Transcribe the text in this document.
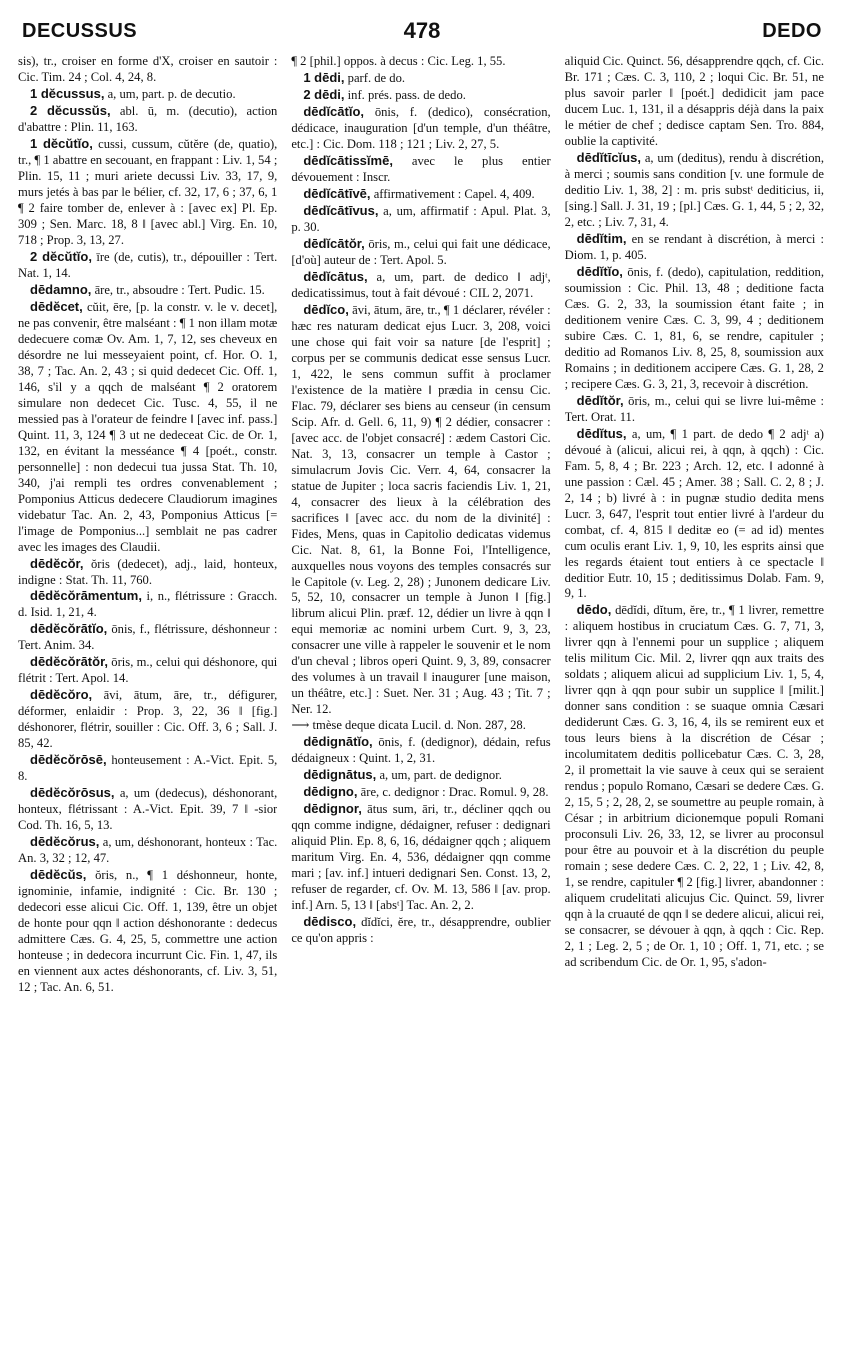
DECUSSUS	478	DEDO

sis), tr., croiser en forme d'X, croiser en sautoir : Cic. Tim. 24 ; Col. 4, 24, 8.

1 dĕcussus, a, um, part. p. de decutio.

2 dĕcussŭs, abl. ū, m. (decutio), action d'abattre : Plin. 11, 163.

1 dĕcŭtĭo, cussi, cussum, cŭtĕre (de, quatio), tr., ¶ 1 abattre en secouant, en frappant : Liv. 1, 54 ; Plin. 15, 11 ; muri ariete decussi Liv. 33, 17, 9, murs jetés à bas par le bélier, cf. 32, 17, 6 ; 37, 6, 1 ¶ 2 faire tomber de, enlever à : [avec ex] Pl. Ep. 309 ; Sen. Marc. 18, 8 ‖ [avec abl.] Virg. En. 10, 718 ; Prop. 3, 13, 27.

2 dĕcŭtĭo, īre (de, cutis), tr., dépouiller : Tert. Nat. 1, 14.

dēdamno, āre, tr., absoudre : Tert. Pudic. 15.

dēdĕcet, cŭit, ēre, [p. la constr. v. le v. decet], ne pas convenir, être malséant : ¶ 1 non illam motæ dedecuere comæ Ov. Am. 1, 7, 12, ses cheveux en désordre ne lui messeyaient point, cf. Hor. O. 1, 38, 7 ; Tac. An. 2, 43 ; si quid dedecet Cic. Off. 1, 146, s'il y a qqch de malséant ¶ 2 oratorem simulare non dedecet Cic. Tusc. 4, 55, il ne messied pas à l'orateur de feindre ‖ [avec inf. pass.] Quint. 11, 3, 124 ¶ 3 ut ne dedeceat Cic. de Or. 1, 132, en évitant la messéance ¶ 4 [poét., constr. personnelle] : non dedecui tua jussa Stat. Th. 10, 340, j'ai rempli tes ordres convenablement ; Pomponius Atticus dedecere Claudiorum imagines videbatur Tac. An. 2, 43, Pomponius Atticus [= l'image de Pomponius...] semblait ne pas cadrer avec les images des Claudii.

dēdĕcŏr, ŏris (dedecet), adj., laid, honteux, indigne : Stat. Th. 11, 760.

dēdĕcŏrāmentum, i, n., flétrissure : Gracch. d. Isid. 1, 21, 4.

dēdĕcŏrātĭo, ōnis, f., flétrissure, déshonneur : Tert. Anim. 34.

dēdĕcŏrātŏr, ōris, m., celui qui déshonore, qui flétrit : Tert. Apol. 14.

dēdĕcŏro, āvi, ātum, āre, tr., défigurer, déformer, enlaidir : Prop. 3, 22, 36 ‖ [fig.] déshonorer, flétrir, souiller : Cic. Off. 3, 6 ; Sall. J. 85, 42.

dēdĕcŏrōsē, honteusement : A.-Vict. Epit. 5, 8.

dēdĕcŏrōsus, a, um (dedecus), déshonorant, honteux, flétrissant : A.-Vict. Epit. 39, 7 ‖ -sior Cod. Th. 16, 5, 13.

dēdĕcŏrus, a, um, déshonorant, honteux : Tac. An. 3, 32 ; 12, 47.

dēdĕcŭs, ŏris, n., ¶ 1 déshonneur, honte, ignominie, infamie, indignité : Cic. Br. 130 ; dedecori esse alicui Cic. Off. 1, 139, être un objet de honte pour qqn ‖ action déshonorante : dedecus admittere Cæs. G. 4, 25, 5, commettre une action honteuse ; in dedecora incurrunt Cic. Fin. 1, 47, ils en viennent aux actes déshonorants, cf. Liv. 3, 51, 12 ; Tac. An. 6, 51.

¶ 2 [phil.] oppos. à decus : Cic. Leg. 1, 55.

1 dēdi, parf. de do.

2 dēdi, inf. prés. pass. de dedo.

dēdĭcātĭo, ōnis, f. (dedico), consécration, dédicace, inauguration [d'un temple, d'un théâtre, etc.] : Cic. Dom. 118 ; 121 ; Liv. 2, 27, 5.

dēdĭcātissĭmē, avec le plus entier dévouement : Inscr.

dēdĭcātīvē, affirmativement : Capel. 4, 409.

dēdĭcātīvus, a, um, affirmatif : Apul. Plat. 3, p. 30.

dēdĭcātŏr, ōris, m., celui qui fait une dédicace, [d'où] auteur de : Tert. Apol. 5.

dēdĭcātus, a, um, part. de dedico ‖ adjᵗ, dedicatissimus, tout à fait dévoué : CIL 2, 2071.

dēdĭco, āvi, ātum, āre, tr., ¶ 1 déclarer, révéler : hæc res naturam dedicat ejus Lucr. 3, 208, voici une chose qui fait voir sa nature [de l'esprit] ; corpus per se communis dedicat esse sensus Lucr. 1, 422, le sens commun suffit à proclamer l'existence de la matière ‖ prædia in censu Cic. Flac. 79, déclarer ses biens au censeur (in censum Scip. Afr. d. Gell. 6, 11, 9) ¶ 2 dédier, consacrer : [avec acc. de l'objet consacré] : ædem Castori Cic. Nat. 3, 13, consacrer un temple à Castor ; simulacrum Jovis Cic. Verr. 4, 64, consacrer la statue de Jupiter ; loca sacris faciendis Liv. 1, 21, 4, consacrer des lieux à la célébration des sacrifices ‖ [avec acc. du nom de la divinité] : Fides, Mens, quas in Capitolio dedicatas videmus Cic. Nat. 8, 61, la Bonne Foi, l'Intelligence, auxquelles nous voyons des temples consacrés sur le Capitole (v. Leg. 2, 28) ; Junonem dedicare Liv. 5, 52, 10, consacrer un temple à Junon ‖ [fig.] librum alicui Plin. præf. 12, dédier un livre à qqn ‖ equi memoriæ ac nomini urbem Curt. 9, 3, 23, consacrer une ville à rappeler le souvenir et le nom d'un cheval ; libros operi Quint. 9, 3, 89, consacrer des volumes à un travail ‖ inaugurer [une maison, un théâtre, etc.] : Suet. Ner. 31 ; Aug. 43 ; Tit. 7 ; Ner. 12.

⟶ tmèse deque dicata Lucil. d. Non. 287, 28.

dēdignātĭo, ōnis, f. (dedignor), dédain, refus dédaigneux : Quint. 1, 2, 31.

dēdignātus, a, um, part. de dedignor.

dēdigno, āre, c. dedignor : Drac. Romul. 9, 28.

dēdignor, ātus sum, āri, tr., décliner qqch ou qqn comme indigne, dédaigner, refuser : dedignari aliquid Plin. Ep. 8, 6, 16, dédaigner qqch ; aliquem maritum Virg. En. 4, 536, dédaigner qqn comme mari ; [av. inf.] intueri dedignari Sen. Const. 13, 2, refuser de regarder, cf. Ov. M. 13, 586 ‖ [av. prop. inf.] Arn. 5, 13 ‖ [absᵗ] Tac. An. 2, 2.

dēdisco, dĭdĭci, ĕre, tr., désapprendre, oublier ce qu'on appris :

aliquid Cic. Quinct. 56, désapprendre qqch, cf. Cic. Br. 171 ; Cæs. C. 3, 110, 2 ; loqui Cic. Br. 51, ne plus savoir parler ‖ [poét.] dedidicit jam pace ducem Luc. 1, 131, il a désappris déjà dans la paix le métier de chef ; dedisce captam Sen. Tro. 884, oublie la captivité.

dēdĭtīcĭus, a, um (deditus), rendu à discrétion, à merci ; soumis sans condition [v. une formule de deditio Liv. 1, 38, 2] : m. pris substᵗ dediticius, ii, [sing.] Sall. J. 31, 19 ; [pl.] Cæs. G. 1, 44, 5 ; 2, 32, 2, etc. ; Liv. 7, 31, 4.

dēdĭtim, en se rendant à discrétion, à merci : Diom. 1, p. 405.

dēdĭtĭo, ōnis, f. (dedo), capitulation, reddition, soumission : Cic. Phil. 13, 48 ; deditione facta Cæs. G. 2, 33, la soumission étant faite ; in deditionem venire Cæs. C. 3, 99, 4 ; deditionem subire Cæs. C. 1, 81, 6, se rendre, capituler ; deditio ad Romanos Liv. 8, 25, 8, soumission aux Romains ; in deditionem accipere Cæs. G. 1, 28, 2 ; recipere Cæs. G. 3, 21, 3, recevoir à discrétion.

dēdĭtŏr, ōris, m., celui qui se livre lui-même : Tert. Orat. 11.

dēdĭtus, a, um, ¶ 1 part. de dedo ¶ 2 adjᵗ a) dévoué à (alicui, alicui rei, à qqn, à qqch) : Cic. Fam. 5, 8, 4 ; Br. 223 ; Arch. 12, etc. ‖ adonné à une passion : Cæl. 45 ; Amer. 38 ; Sall. C. 2, 8 ; J. 2, 14 ; b) livré à : in pugnæ studio dedita mens Lucr. 3, 647, l'esprit tout entier livré à l'ardeur du combat, cf. 4, 815 ‖ deditæ eo (= ad id) mentes cum oculis erant Liv. 1, 9, 10, les esprits ainsi que les regards étaient tout entiers à ce spectacle ‖ deditior Eutr. 10, 15 ; deditissimus Dolab. Fam. 9, 9, 1.

dēdo, dēdĭdi, dĭtum, ĕre, tr., ¶ 1 livrer, remettre : aliquem hostibus in cruciatum Cæs. G. 7, 71, 3, livrer qqn à l'ennemi pour un supplice ; aliquem telis militum Cic. Mil. 2, livrer qqn aux traits des soldats ; aliquem alicui ad supplicium Liv. 1, 5, 4, livrer qqn à qqn pour subir un supplice ‖ [milit.] donner sans condition : se suaque omnia Cæsari dediderunt Cæs. G. 3, 16, 4, ils se remirent eux et tous leurs biens à la discrétion de César ; incolumitatem deditis pollicebatur Cæs. C. 3, 28, 2, il promettait la vie sauve à ceux qui se seraient rendus ; populo Romano, Cæsari se dedere Cæs. G. 2, 15, 5 ; 2, 28, 2, se soumettre au peuple romain, à César ; in arbitrium dicionemque populi Romani proconsuli Liv. 26, 33, 12, se livrer au proconsul pour être au pouvoir et à la discrétion du peuple romain ; sese dedere Cæs. C. 2, 22, 1 ; Liv. 42, 8, 1, se rendre, capituler ¶ 2 [fig.] livrer, abandonner : aliquem crudelitati alicujus Cic. Quinct. 59, livrer qqn à la cruauté de qqn ‖ se dedere alicui, alicui rei, se consacrer, se dévouer à qqn, à qqch : Cic. Rep. 2, 1 ; Leg. 2, 5 ; de Or. 1, 10 ; Off. 1, 71, etc. ; se ad scribendum Cic. de Or. 1, 95, s'adon-
